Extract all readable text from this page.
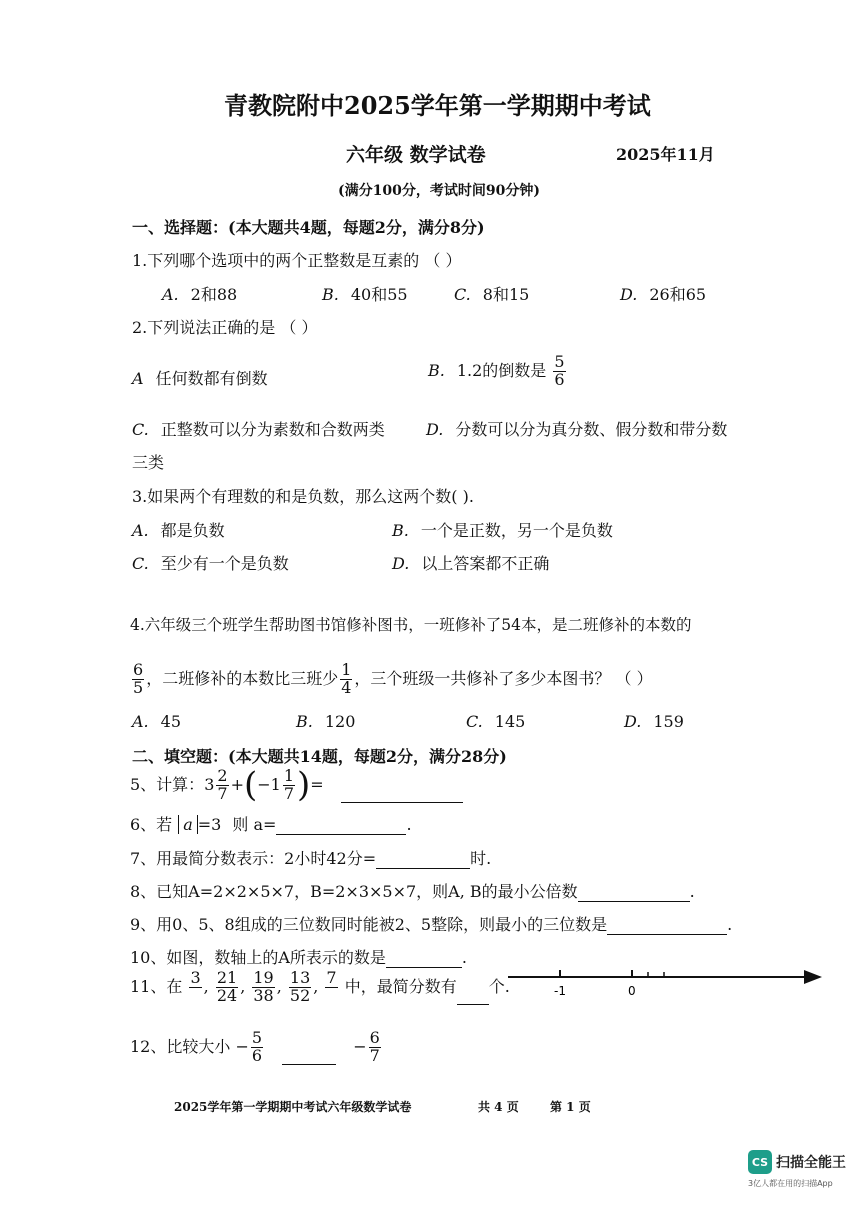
青教院附中2025学年第一学期期中考试
六年级 数学试卷	2025年11月
(满分100分，考试时间90分钟)
一、选择题：(本大题共4题，每题2分，满分8分)
1.下列哪个选项中的两个正整数是互素的 （ ）
A. 2和88	B. 40和55	C. 8和15	D. 26和65
2.下列说法正确的是 （ ）
A 任何数都有倒数	B. 1.2的倒数是 $\frac{5}{6}$
C. 正整数可以分为素数和合数两类	D. 分数可以分为真分数、假分数和带分数
三类
3.如果两个有理数的和是负数，那么这两个数( ).
A. 都是负数	B. 一个是正数，另一个是负数
C. 至少有一个是负数	D. 以上答案都不正确
4.六年级三个班学生帮助图书馆修补图书，一班修补了54本，是二班修补的本数的
$\frac{6}{5}$ ，二班修补的本数比三班少 $\frac{1}{4}$ ，三个班级一共修补了多少本图书？ （ ）
A. 45	B. 120	C. 145	D. 159
二、填空题：(本大题共14题，每题2分，满分28分)
5、计算：$3 \frac{2}{7} +(-1 \frac{1}{7}$ )=
6、若 a =3 则 a=	.
7、用最简分数表示：2小时42分=	时.
8、已知A=2×2×5×7，B=2×3×5×7，则A, B的最小公倍数	.
9、用0、5、8组成的三位数同时能被2、5整除，则最小的三位数是	.
10、如图，数轴上的A所表示的数是	.
11、在 3
, $\frac{21}{24}$ , $\frac{19}{38}$ , $\frac{13}{52}$ , 7
中，最简分数有 个.	-1	0
12、比较大小 − $\frac{5}{6}$	− $\frac{6}{7}$
2025学年第一学期期中考试六年级数学试卷	共 4 页	第 1 页
CS 扫描全能王
3亿人都在用的扫描App
